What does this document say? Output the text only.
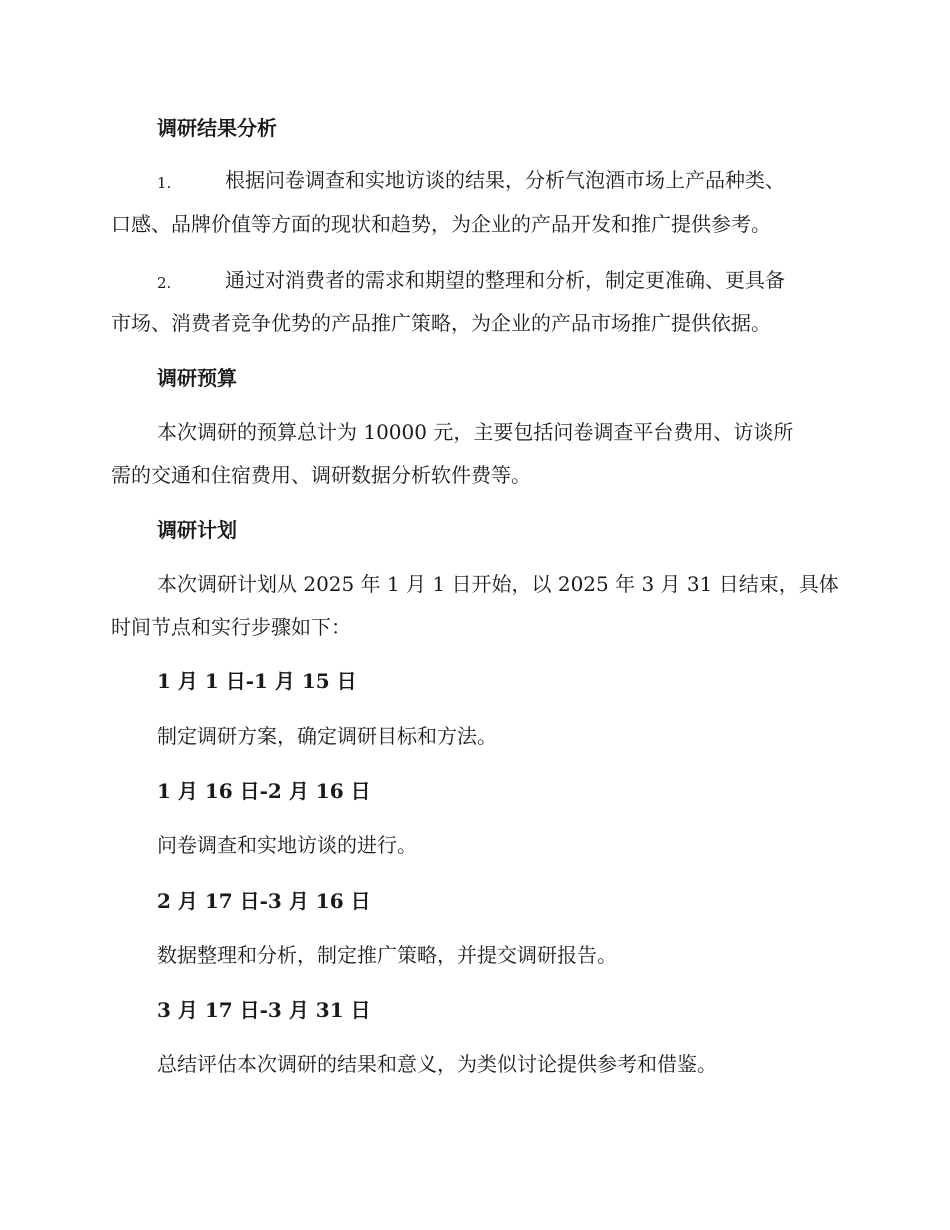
调研结果分析
1.	根据问卷调查和实地访谈的结果，分析气泡酒市场上产品种类、
口感、品牌价值等方面的现状和趋势，为企业的产品开发和推广提供参考。
2.	通过对消费者的需求和期望的整理和分析，制定更准确、更具备
市场、消费者竞争优势的产品推广策略，为企业的产品市场推广提供依据。
调研预算
本次调研的预算总计为 10000 元，主要包括问卷调查平台费用、访谈所
需的交通和住宿费用、调研数据分析软件费等。
调研计划
本次调研计划从 2025 年 1 月 1 日开始，以 2025 年 3 月 31 日结束，具体
时间节点和实行步骤如下：
1 月 1 日-1 月 15 日
制定调研方案，确定调研目标和方法。
1 月 16 日-2 月 16 日
问卷调查和实地访谈的进行。
2 月 17 日-3 月 16 日
数据整理和分析，制定推广策略，并提交调研报告。
3 月 17 日-3 月 31 日
总结评估本次调研的结果和意义，为类似讨论提供参考和借鉴。
